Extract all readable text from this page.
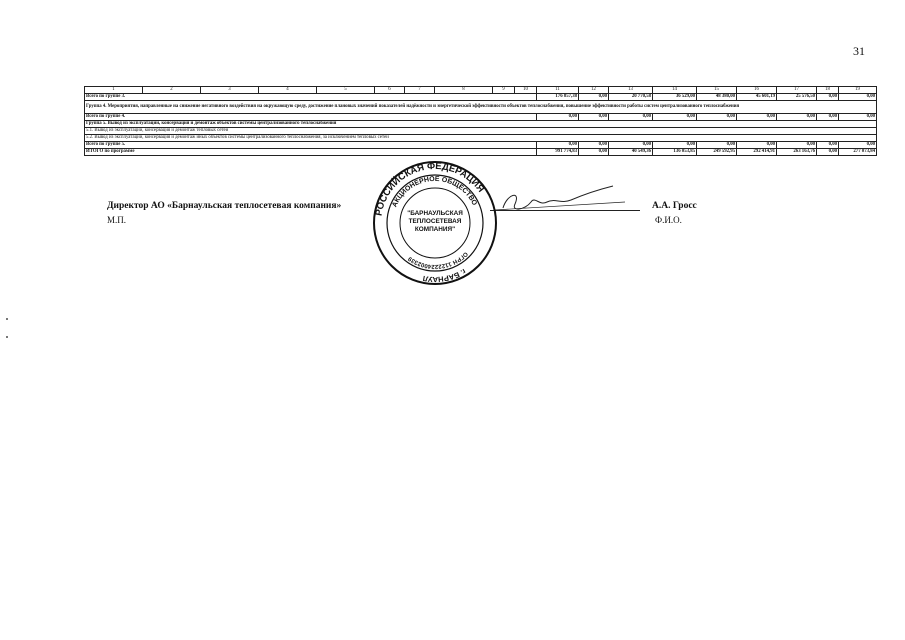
31
1	2	3	4	5	6	7	8	9	10	11	12	13	14	15	16	17	18	19
Всего по группе 3.										176 857,38	0,00	20 770,58	36 529,00	48 380,00	45 601,19	25 576,50	0,00	0,00
Группа 4. Мероприятия, направленные на снижение негативного воздействия на окружающую среду, достижение плановых значений показателей надёжности и энергетической эффективности объектов теплоснабжения, повышение эффективности работы систем централизованного теплоснабжения																		
Всего по группе 4.										0,00	0,00	0,00	0,00	0,00	0,00	0,00	0,00	0,00
Группа 5. Вывод из эксплуатации, консервация и демонтаж объектов системы централизованного теплоснабжения																		
5.1. Вывод из эксплуатации, консервация и демонтаж тепловых сетей																		
5.2. Вывод из эксплуатации, консервация и демонтаж иных объектов системы централизованного теплоснабжения, за исключением тепловых сетей																		
Всего по группе 5.										0,00	0,00	0,00	0,00	0,00	0,00	0,00	0,00	0,00
ИТОГО по программе										991 774,83	0,00	40 549,36	136 053,85	249 592,95	292 414,91	263 163,76	0,00	277 073,84
Директор АО «Барнаульская теплосетевая компания»
М.П.
А.А. Гросс
Ф.И.О.
РОССИЙСКАЯ ФЕДЕРАЦИЯ
АКЦИОНЕРНОЕ ОБЩЕСТВО
ОГРН 1122224002339
г. БАРНАУЛ
"БАРНАУЛЬСКАЯ
ТЕПЛОСЕТЕВАЯ
КОМПАНИЯ"
